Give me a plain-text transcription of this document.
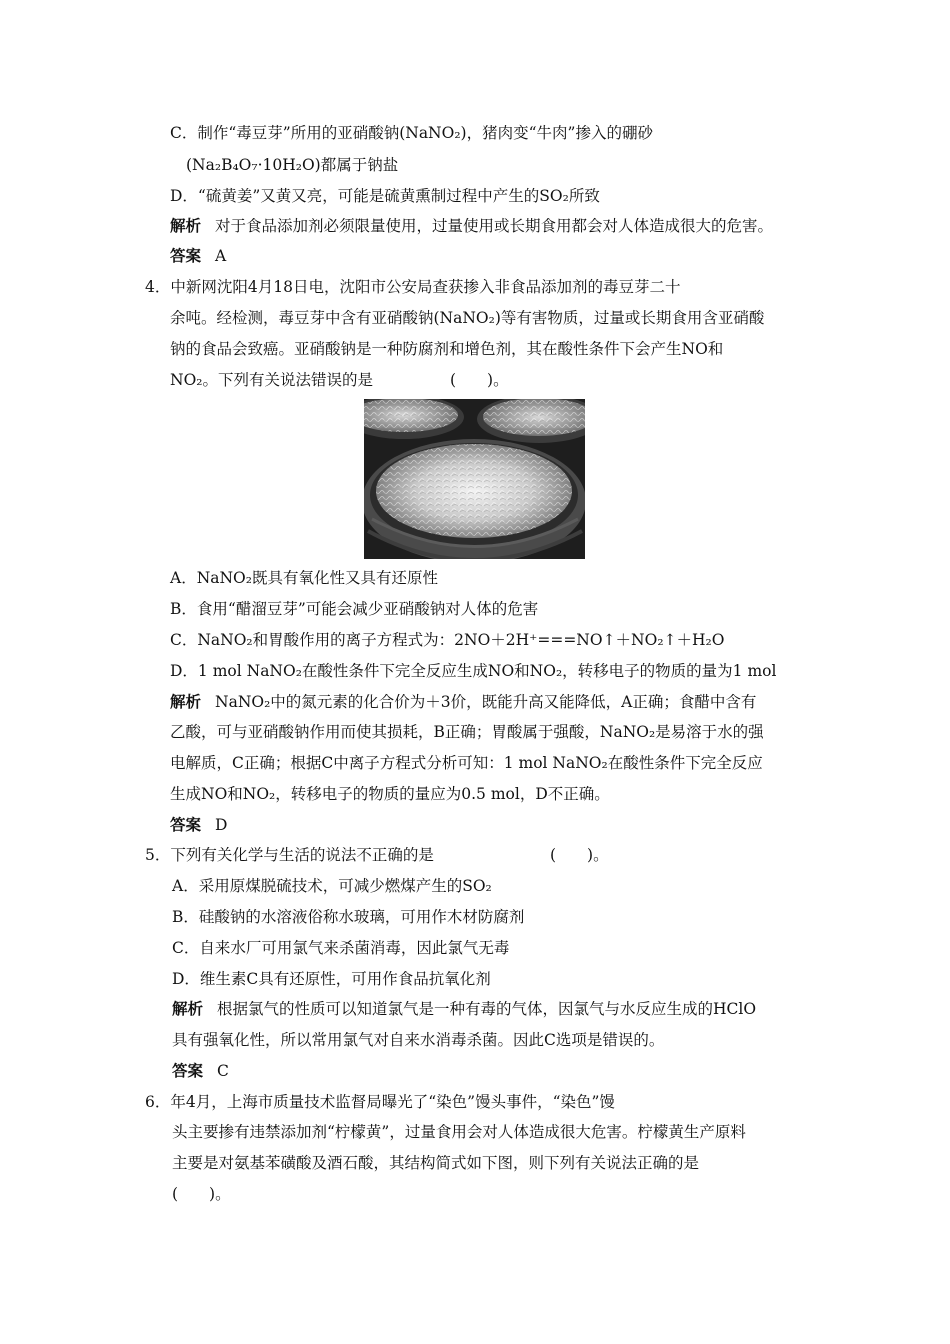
C．制作“毒豆芽”所用的亚硝酸钠(NaNO₂)，猪肉变“牛肉”掺入的硼砂
(Na₂B₄O₇·10H₂O)都属于钠盐
D．“硫黄姜”又黄又亮，可能是硫黄熏制过程中产生的SO₂所致
解析 对于食品添加剂必须限量使用，过量使用或长期食用都会对人体造成很大的危害。
答案 A
4．中新网沈阳4月18日电，沈阳市公安局查获掺入非食品添加剂的毒豆芽二十
余吨。经检测，毒豆芽中含有亚硝酸钠(NaNO₂)等有害物质，过量或长期食用含亚硝酸
钠的食品会致癌。亚硝酸钠是一种防腐剂和增色剂，其在酸性条件下会产生NO和
NO₂。下列有关说法错误的是	(　　)。
A．NaNO₂既具有氧化性又具有还原性
B．食用“醋溜豆芽”可能会减少亚硝酸钠对人体的危害
C．NaNO₂和胃酸作用的离子方程式为：2NO＋2H⁺===NO↑＋NO₂↑＋H₂O
D．1 mol NaNO₂在酸性条件下完全反应生成NO和NO₂，转移电子的物质的量为1 mol
解析 NaNO₂中的氮元素的化合价为＋3价，既能升高又能降低，A正确；食醋中含有
乙酸，可与亚硝酸钠作用而使其损耗，B正确；胃酸属于强酸，NaNO₂是易溶于水的强
电解质，C正确；根据C中离子方程式分析可知：1 mol NaNO₂在酸性条件下完全反应
生成NO和NO₂，转移电子的物质的量应为0.5 mol，D不正确。
答案 D
5．下列有关化学与生活的说法不正确的是	(　　)。
A．采用原煤脱硫技术，可减少燃煤产生的SO₂
B．硅酸钠的水溶液俗称水玻璃，可用作木材防腐剂
C．自来水厂可用氯气来杀菌消毒，因此氯气无毒
D．维生素C具有还原性，可用作食品抗氧化剂
解析 根据氯气的性质可以知道氯气是一种有毒的气体，因氯气与水反应生成的HClO
具有强氧化性，所以常用氯气对自来水消毒杀菌。因此C选项是错误的。
答案 C
6．年4月，上海市质量技术监督局曝光了“染色”馒头事件，“染色”馒
头主要掺有违禁添加剂“柠檬黄”，过量食用会对人体造成很大危害。柠檬黄生产原料
主要是对氨基苯磺酸及酒石酸，其结构简式如下图，则下列有关说法正确的是
(　　)。
